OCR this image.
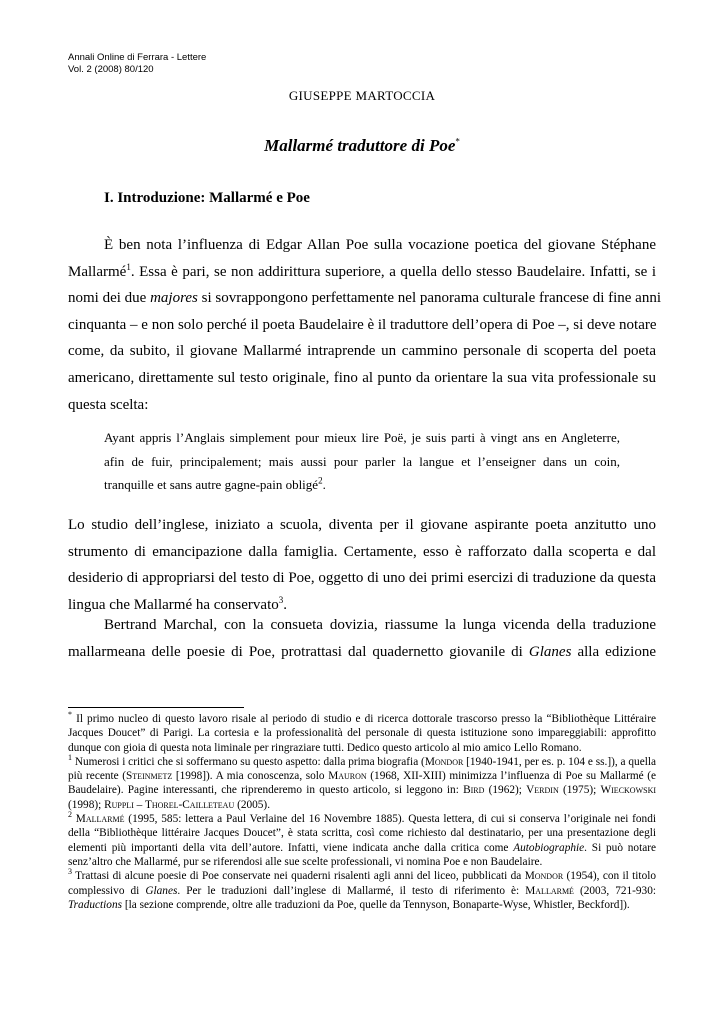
Annali Online di Ferrara - Lettere
Vol. 2 (2008) 80/120
GIUSEPPE MARTOCCIA
Mallarmé traduttore di Poe*
I. Introduzione: Mallarmé e Poe
È ben nota l’influenza di Edgar Allan Poe sulla vocazione poetica del giovane Stéphane
Mallarmé$^1$. Essa è pari, se non addirittura superiore, a quella dello stesso Baudelaire. Infatti, se i
nomi dei due majores si sovrappongono perfettamente nel panorama culturale francese di fine anni
cinquanta – e non solo perché il poeta Baudelaire è il traduttore dell’opera di Poe –, si deve notare
come, da subito, il giovane Mallarmé intraprende un cammino personale di scoperta del poeta
americano, direttamente sul testo originale, fino al punto da orientare la sua vita professionale su
questa scelta:
Ayant appris l’Anglais simplement pour mieux lire Poë, je suis parti à vingt ans en Angleterre,
afin de fuir, principalement; mais aussi pour parler la langue et l’enseigner dans un coin,
tranquille et sans autre gagne-pain obligé$^2$.
Lo studio dell’inglese, iniziato a scuola, diventa per il giovane aspirante poeta anzitutto uno
strumento di emancipazione dalla famiglia. Certamente, esso è rafforzato dalla scoperta e dal
desiderio di appropriarsi del testo di Poe, oggetto di uno dei primi esercizi di traduzione da questa
lingua che Mallarmé ha conservato$^3$.
Bertrand Marchal, con la consueta dovizia, riassume la lunga vicenda della traduzione
mallarmeana delle poesie di Poe, protrattasi dal quadernetto giovanile di Glanes alla edizione

* Il primo nucleo di questo lavoro risale al periodo di studio e di ricerca dottorale trascorso presso la “Bibliothèque Littéraire Jacques Doucet” di Parigi. La cortesia e la professionalità del personale di questa istituzione sono impareggiabili: approfitto dunque con gioia di questa nota liminale per ringraziare tutti. Dedico questo articolo al mio amico Lello Romano.

$^1$ Numerosi i critici che si soffermano su questo aspetto: dalla prima biografia (Mondor [1940-1941, per es. p. 104 e ss.]), a quella più recente (Steinmetz [1998]). A mia conoscenza, solo Mauron (1968, XII-XIII) minimizza l’influenza di Poe su Mallarmé (e Baudelaire). Pagine interessanti, che riprenderemo in questo articolo, si leggono in: Bird (1962); Verdin (1975); Wieckowski (1998); Ruppli – Thorel-Cailleteau (2005).

$^2$ Mallarmé (1995, 585: lettera a Paul Verlaine del 16 Novembre 1885). Questa lettera, di cui si conserva l’originale nei fondi della “Bibliothèque littéraire Jacques Doucet”, è stata scritta, così come richiesto dal destinatario, per una presentazione degli elementi più importanti della vita dell’autore. Infatti, viene indicata anche dalla critica come Autobiographie. Si può notare senz’altro che Mallarmé, pur se riferendosi alle sue scelte professionali, vi nomina Poe e non Baudelaire.

$^3$ Trattasi di alcune poesie di Poe conservate nei quaderni risalenti agli anni del liceo, pubblicati da Mondor (1954), con il titolo complessivo di Glanes. Per le traduzioni dall’inglese di Mallarmé, il testo di riferimento è: Mallarmé (2003, 721-930: Traductions [la sezione comprende, oltre alle traduzioni da Poe, quelle da Tennyson, Bonaparte-Wyse, Whistler, Beckford]).
